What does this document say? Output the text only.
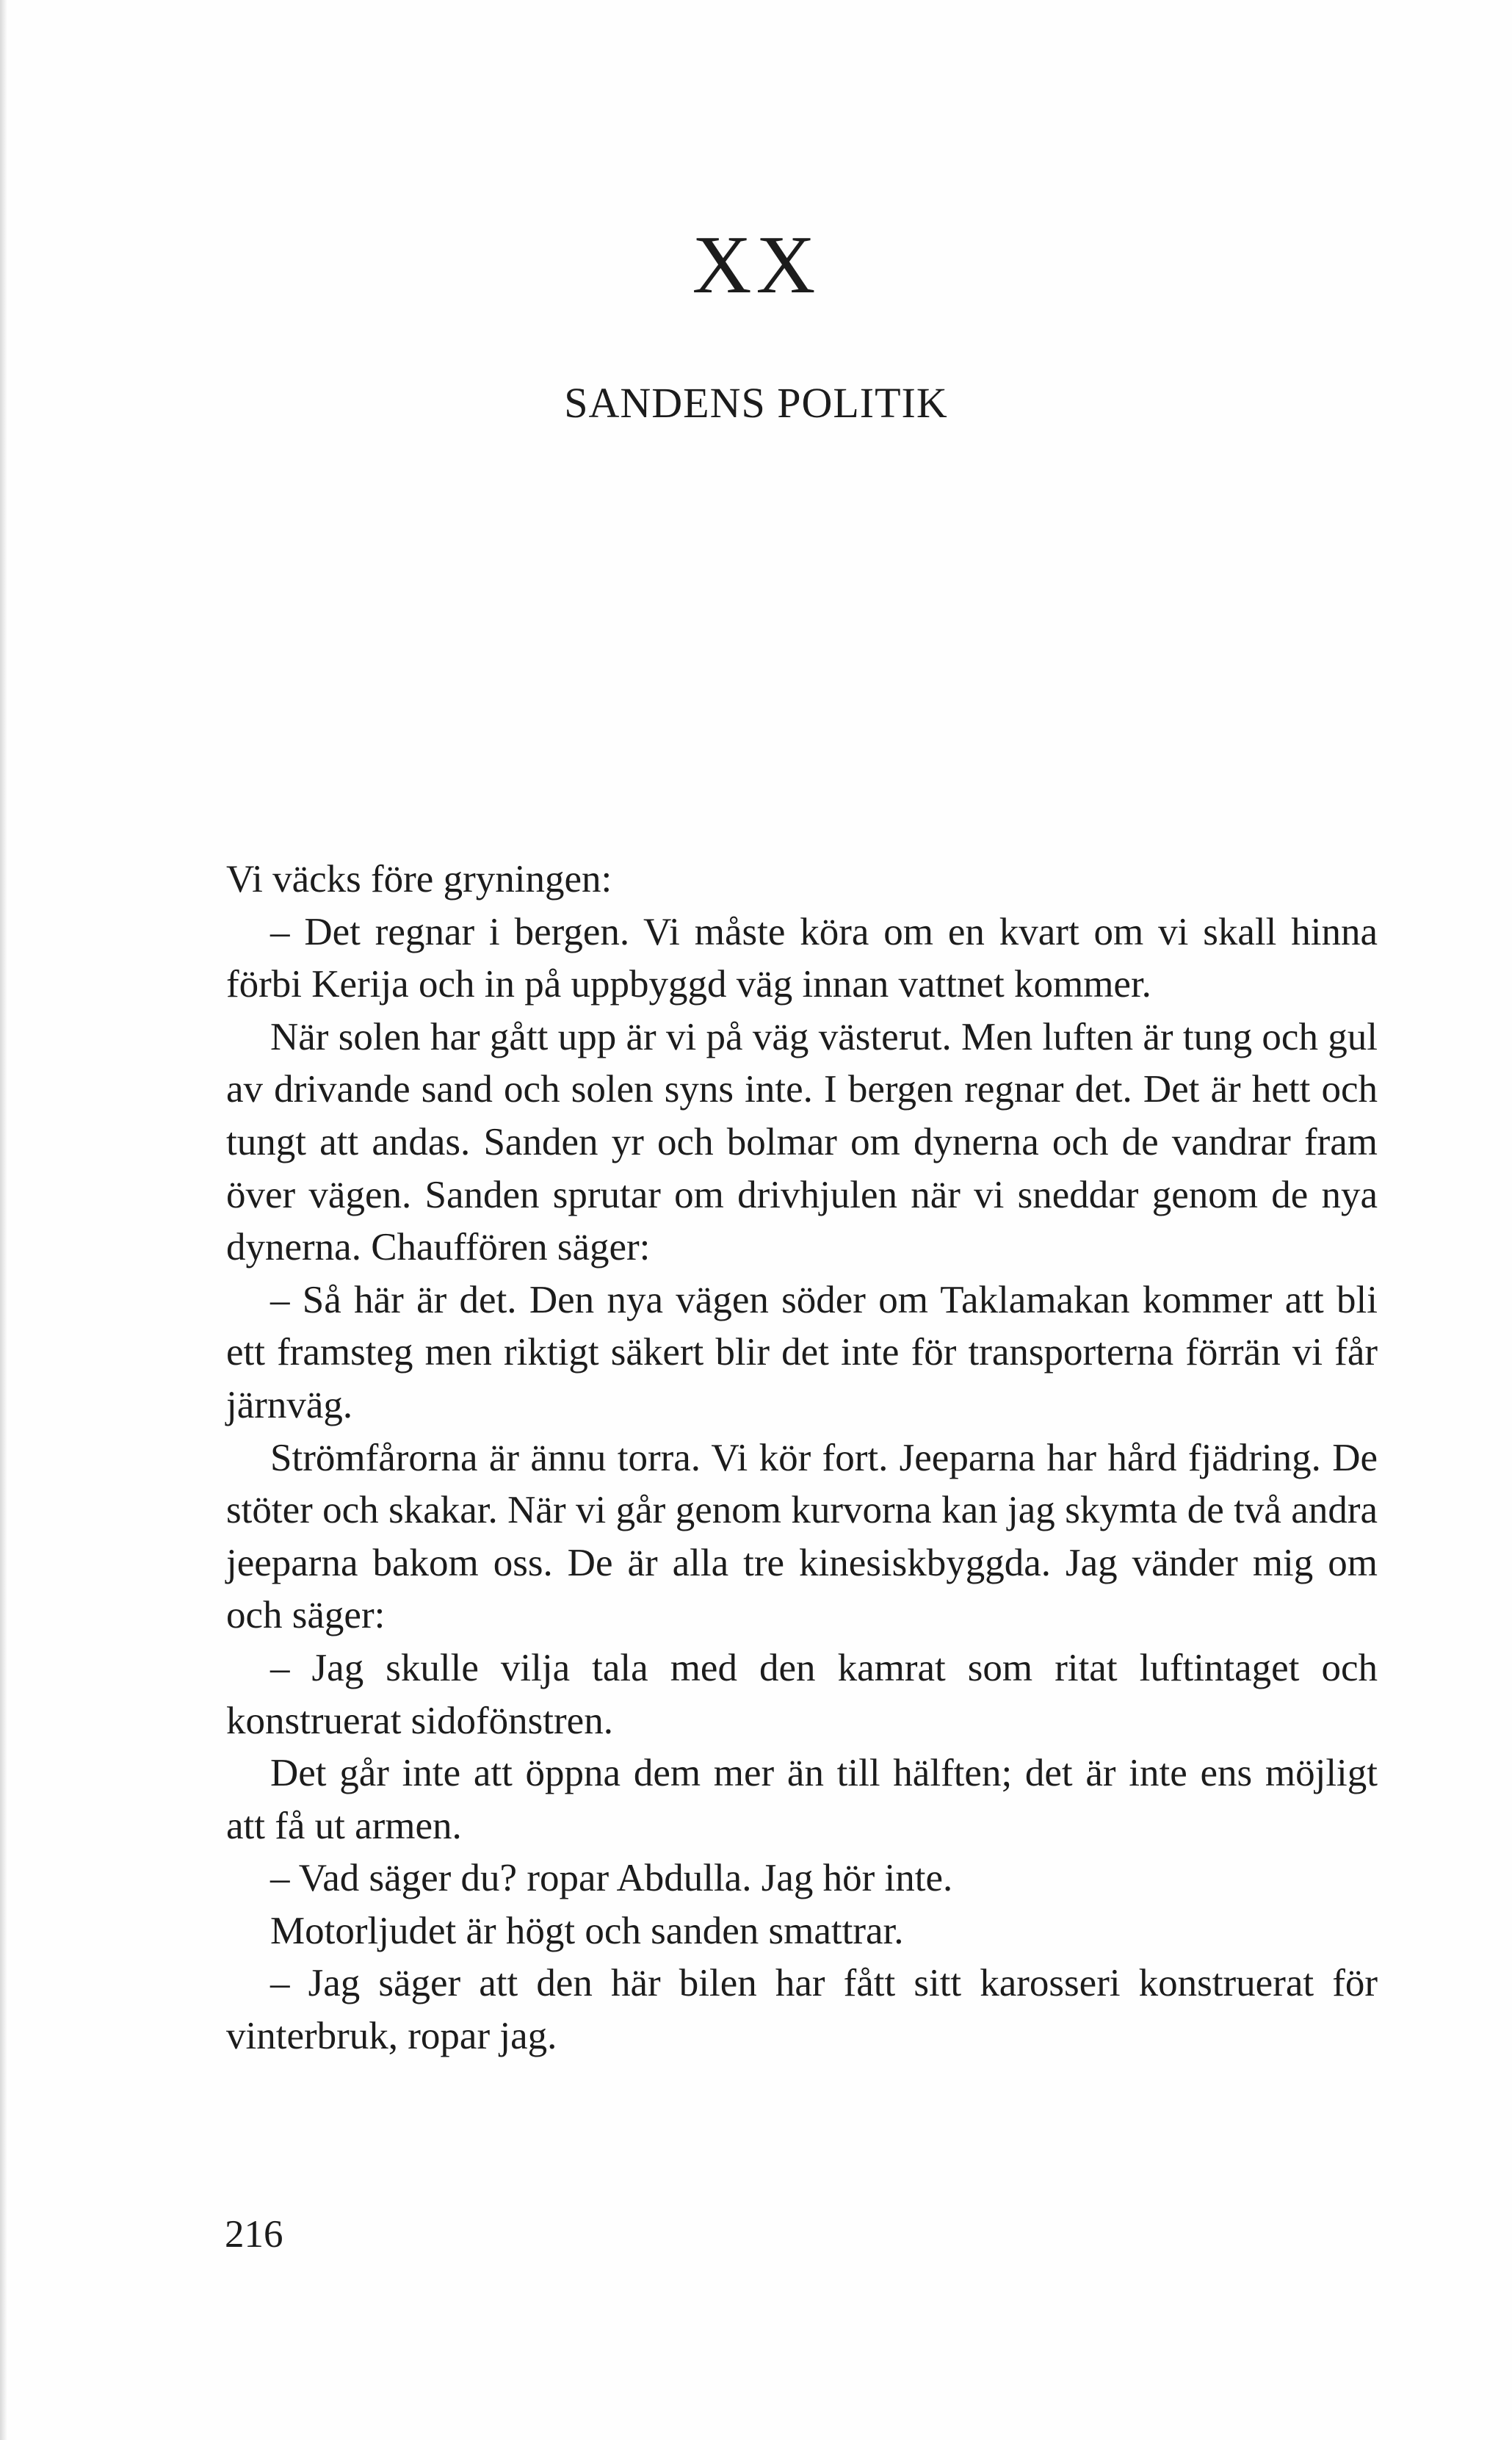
XX
SANDENS POLITIK

Vi väcks före gryningen:

– Det regnar i bergen. Vi måste köra om en kvart om vi skall hinna förbi Kerija och in på uppbyggd väg innan vattnet kommer.

När solen har gått upp är vi på väg västerut. Men luften är tung och gul av drivande sand och solen syns inte. I bergen regnar det. Det är hett och tungt att andas. Sanden yr och bolmar om dynerna och de vandrar fram över vägen. Sanden sprutar om drivhjulen när vi sneddar genom de nya dynerna. Chauffören säger:

– Så här är det. Den nya vägen söder om Taklamakan kommer att bli ett framsteg men riktigt säkert blir det inte för transporterna förrän vi får järnväg.

Strömfårorna är ännu torra. Vi kör fort. Jeeparna har hård fjädring. De stöter och skakar. När vi går genom kurvorna kan jag skymta de två andra jeeparna bakom oss. De är alla tre kinesiskbyggda. Jag vänder mig om och säger:

– Jag skulle vilja tala med den kamrat som ritat luftintaget och konstruerat sidofönstren.

Det går inte att öppna dem mer än till hälften; det är inte ens möjligt att få ut armen.

– Vad säger du? ropar Abdulla. Jag hör inte.

Motorljudet är högt och sanden smattrar.

– Jag säger att den här bilen har fått sitt karosseri konstruerat för vinterbruk, ropar jag.

216
